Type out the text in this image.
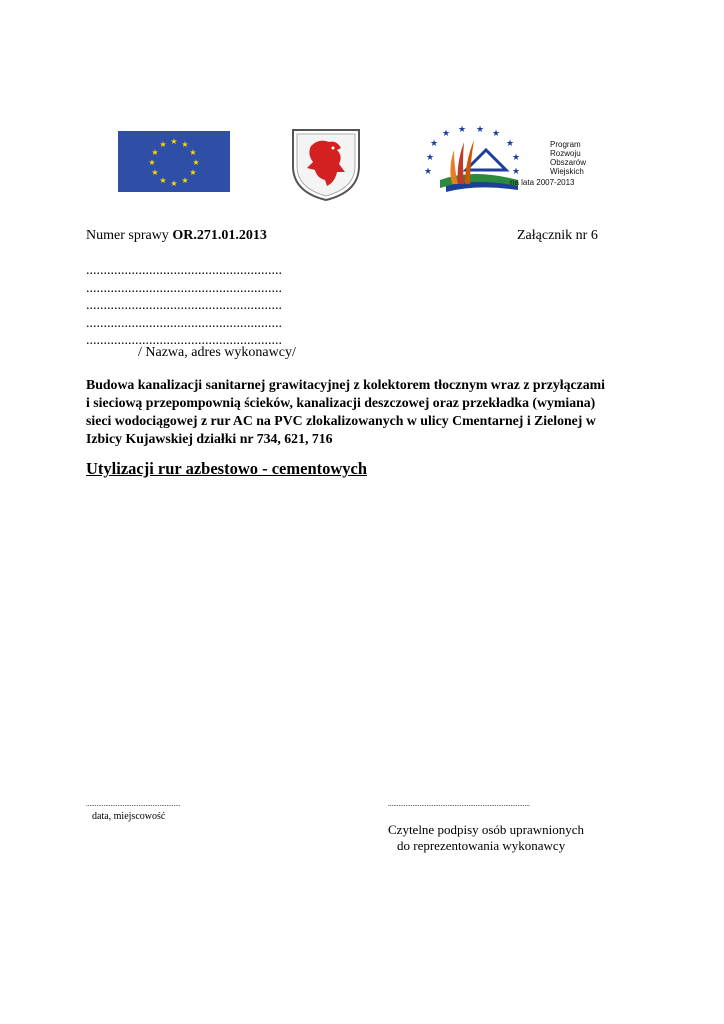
★ ★
★
★
★
★
★
★
★
★
★
★
★
★
★ ★ ★ ★
★
★
★	★
Program
Rozwoju
Obszarów
Wiejskich
na lata 2007-2013
Numer sprawy OR.271.01.2013	Załącznik nr 6
........................................................
........................................................
........................................................
........................................................
........................................................
/ Nazwa, adres wykonawcy/
Budowa kanalizacji sanitarnej grawitacyjnej z kolektorem tłocznym wraz z przyłączami
i sieciową przepompownią ścieków, kanalizacji deszczowej oraz przekładka (wymiana)
sieci wodociągowej z rur AC na PVC zlokalizowanych w ulicy Cmentarnej i Zielonej w
Izbicy Kujawskiej działki nr 734, 621, 716
Utylizacji rur azbestowo - cementowych
......................................................
data, miejscowość
.................................................................................
Czytelne podpisy osób uprawnionych
do reprezentowania wykonawcy
